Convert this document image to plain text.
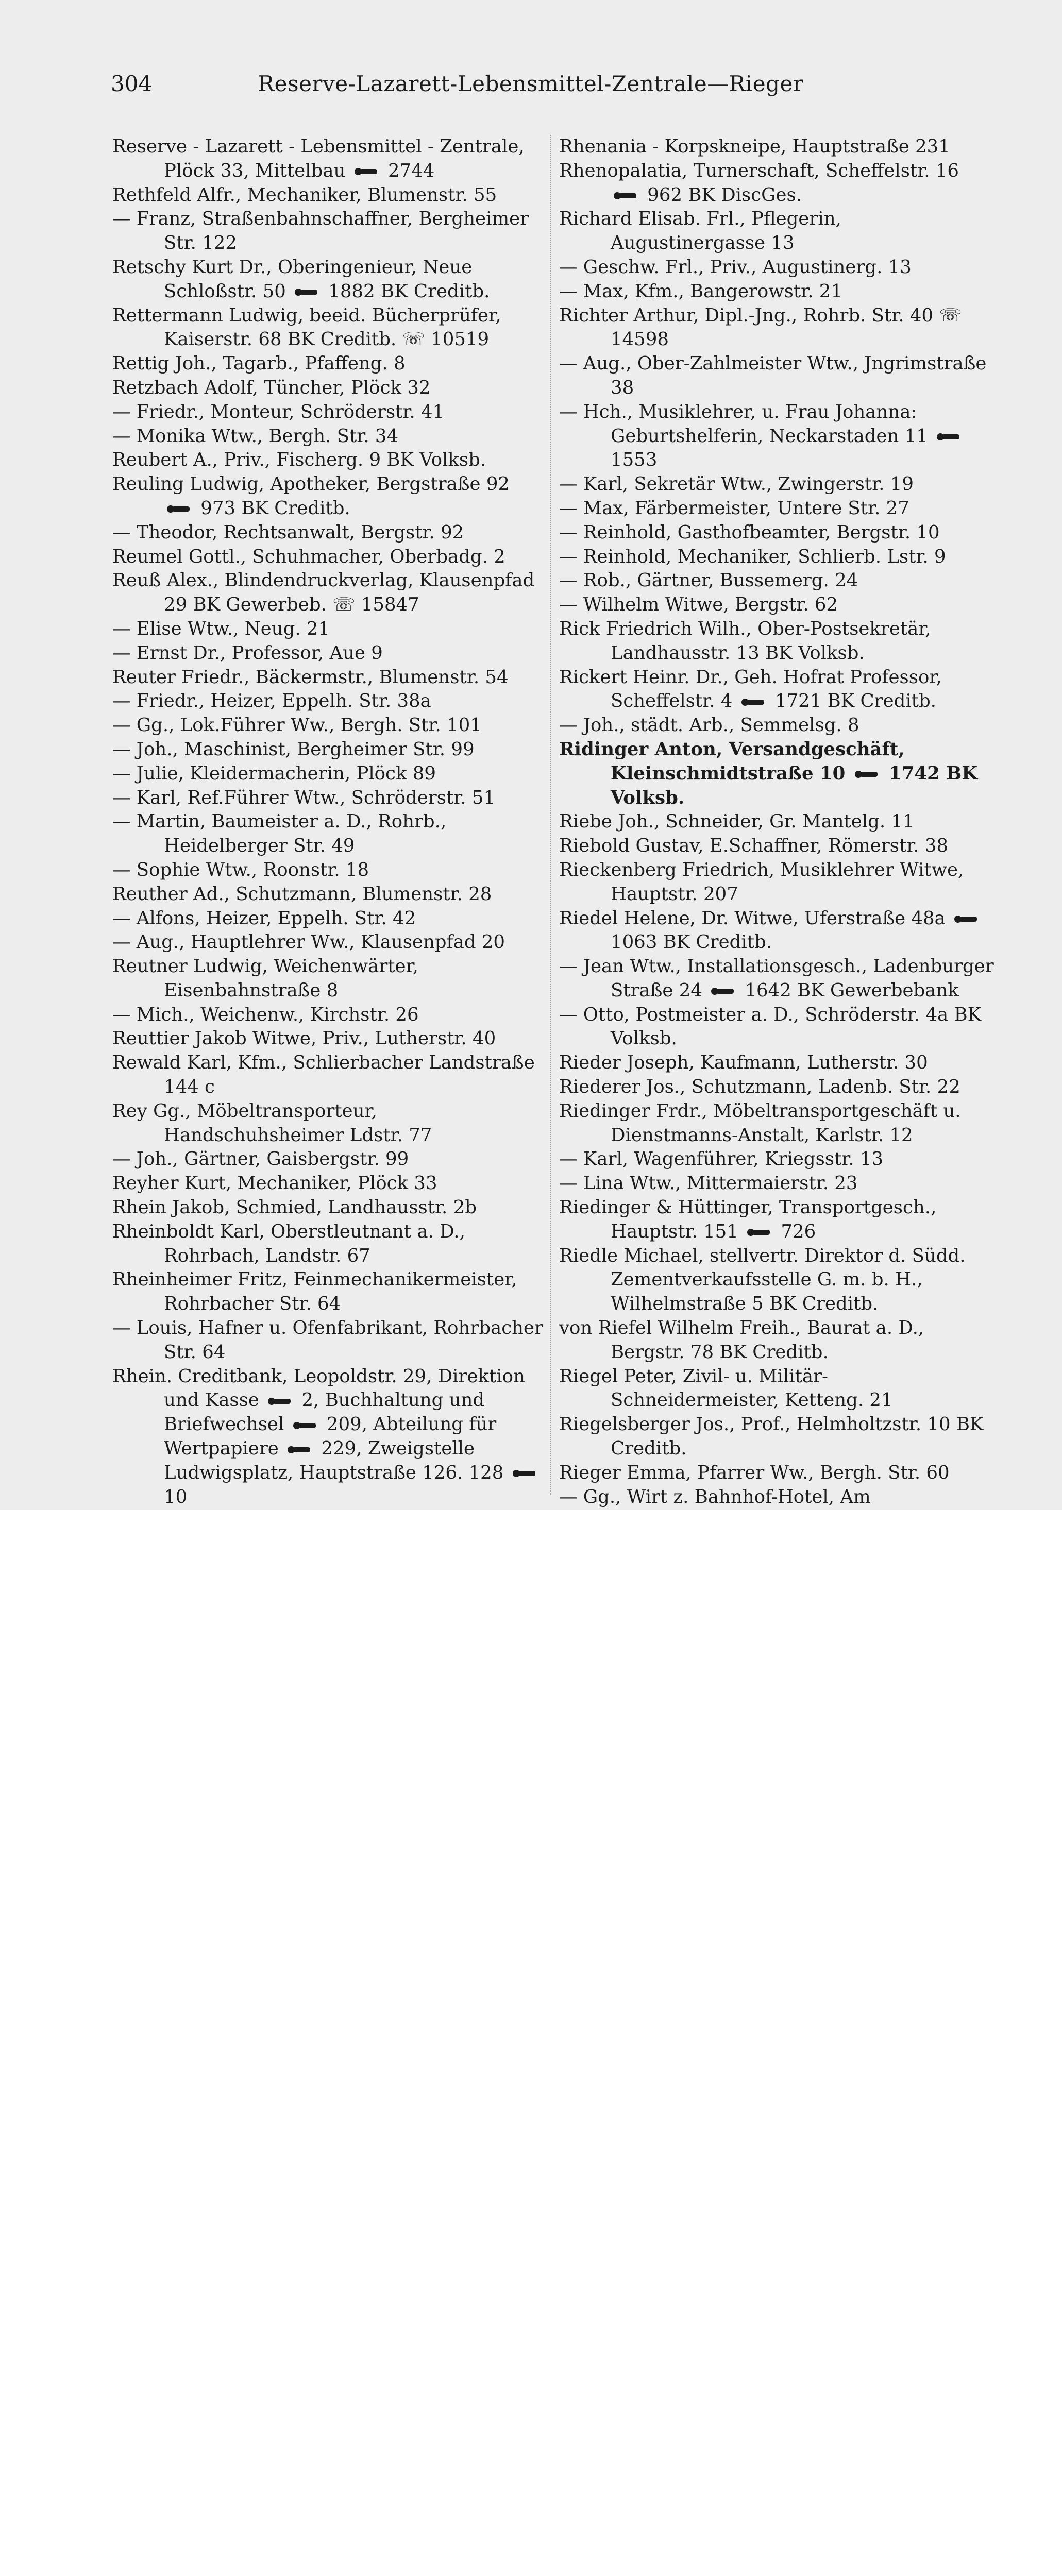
304	Reserve-Lazarett-Lebensmittel-Zentrale—Rieger
Reserve - Lazarett - Lebensmittel - Zentrale, Plöck 33, Mittelbau  2744
Rethfeld Alfr., Mechaniker, Blumenstr. 55
— Franz, Straßenbahnschaffner, Bergheimer Str. 122
Retschy Kurt Dr., Oberingenieur, Neue Schloßstr. 50  1882 BK Creditb.
Rettermann Ludwig, beeid. Bücherprüfer, Kaiserstr. 68 BK Creditb. ☏ 10519
Rettig Joh., Tagarb., Pfaffeng. 8
Retzbach Adolf, Tüncher, Plöck 32
— Friedr., Monteur, Schröderstr. 41
— Monika Wtw., Bergh. Str. 34
Reubert A., Priv., Fischerg. 9 BK Volksb.
Reuling Ludwig, Apotheker, Bergstraße 92  973 BK Creditb.
— Theodor, Rechtsanwalt, Bergstr. 92
Reumel Gottl., Schuhmacher, Oberbadg. 2
Reuß Alex., Blindendruckverlag, Klausenpfad 29 BK Gewerbeb. ☏ 15847
— Elise Wtw., Neug. 21
— Ernst Dr., Professor, Aue 9
Reuter Friedr., Bäckermstr., Blumenstr. 54
— Friedr., Heizer, Eppelh. Str. 38a
— Gg., Lok.Führer Ww., Bergh. Str. 101
— Joh., Maschinist, Bergheimer Str. 99
— Julie, Kleidermacherin, Plöck 89
— Karl, Ref.Führer Wtw., Schröderstr. 51
— Martin, Baumeister a. D., Rohrb., Heidelberger Str. 49
— Sophie Wtw., Roonstr. 18
Reuther Ad., Schutzmann, Blumenstr. 28
— Alfons, Heizer, Eppelh. Str. 42
— Aug., Hauptlehrer Ww., Klausenpfad 20
Reutner Ludwig, Weichenwärter, Eisenbahnstraße 8
— Mich., Weichenw., Kirchstr. 26
Reuttier Jakob Witwe, Priv., Lutherstr. 40
Rewald Karl, Kfm., Schlierbacher Landstraße 144 c
Rey Gg., Möbeltransporteur, Handschuhsheimer Ldstr. 77
— Joh., Gärtner, Gaisbergstr. 99
Reyher Kurt, Mechaniker, Plöck 33
Rhein Jakob, Schmied, Landhausstr. 2b
Rheinboldt Karl, Oberstleutnant a. D., Rohrbach, Landstr. 67
Rheinheimer Fritz, Feinmechanikermeister, Rohrbacher Str. 64
— Louis, Hafner u. Ofenfabrikant, Rohrbacher Str. 64
Rhein. Creditbank, Leopoldstr. 29, Direktion und Kasse  2, Buchhaltung und Briefwechsel  209, Abteilung für Wertpapiere  229, Zweigstelle Ludwigsplatz, Hauptstraße 126. 128  10
Rhenania - Korpskneipe, Hauptstraße 231
Rhenopalatia, Turnerschaft, Scheffelstr. 16  962 BK DiscGes.
Richard Elisab. Frl., Pflegerin, Augustinergasse 13
— Geschw. Frl., Priv., Augustinerg. 13
— Max, Kfm., Bangerowstr. 21
Richter Arthur, Dipl.-Jng., Rohrb. Str. 40 ☏ 14598
— Aug., Ober-Zahlmeister Wtw., Jngrimstraße 38
— Hch., Musiklehrer, u. Frau Johanna: Geburtshelferin, Neckarstaden 11  1553
— Karl, Sekretär Wtw., Zwingerstr. 19
— Max, Färbermeister, Untere Str. 27
— Reinhold, Gasthofbeamter, Bergstr. 10
— Reinhold, Mechaniker, Schlierb. Lstr. 9
— Rob., Gärtner, Bussemerg. 24
— Wilhelm Witwe, Bergstr. 62
Rick Friedrich Wilh., Ober-Postsekretär, Landhausstr. 13 BK Volksb.
Rickert Heinr. Dr., Geh. Hofrat Professor, Scheffelstr. 4  1721 BK Creditb.
— Joh., städt. Arb., Semmelsg. 8
Ridinger Anton, Versandgeschäft, Kleinschmidtstraße 10  1742 BK Volksb.
Riebe Joh., Schneider, Gr. Mantelg. 11
Riebold Gustav, E.Schaffner, Römerstr. 38
Rieckenberg Friedrich, Musiklehrer Witwe, Hauptstr. 207
Riedel Helene, Dr. Witwe, Uferstraße 48a  1063 BK Creditb.
— Jean Wtw., Installationsgesch., Ladenburger Straße 24  1642 BK Gewerbebank
— Otto, Postmeister a. D., Schröderstr. 4a BK Volksb.
Rieder Joseph, Kaufmann, Lutherstr. 30
Riederer Jos., Schutzmann, Ladenb. Str. 22
Riedinger Frdr., Möbeltransportgeschäft u. Dienstmanns-Anstalt, Karlstr. 12
— Karl, Wagenführer, Kriegsstr. 13
— Lina Wtw., Mittermaierstr. 23
Riedinger & Hüttinger, Transportgesch., Hauptstr. 151  726
Riedle Michael, stellvertr. Direktor d. Südd. Zementverkaufsstelle G. m. b. H., Wilhelmstraße 5 BK Creditb.
von Riefel Wilhelm Freih., Baurat a. D., Bergstr. 78 BK Creditb.
Riegel Peter, Zivil- u. Militär-Schneidermeister, Ketteng. 21
Riegelsberger Jos., Prof., Helmholtzstr. 10 BK Creditb.
Rieger Emma, Pfarrer Ww., Bergh. Str. 60
— Gg., Wirt z. Bahnhof-Hotel, Am
